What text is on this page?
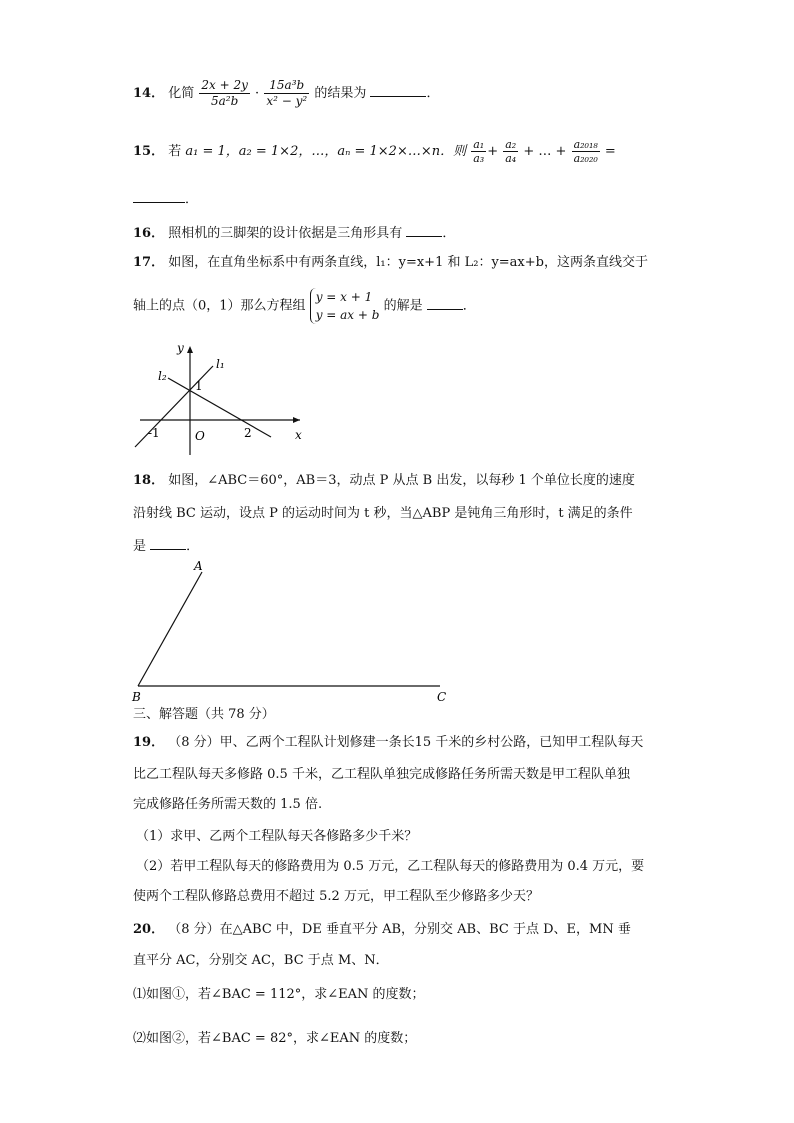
14． 化简 $\frac{2x + 2y}{\text{5a²b}} \cdot \frac{\text{15a³b}}{\text{x² − y²}}$ 的结果为	．
15． 若 a₁ = 1，a₂ = 1×2，…，aₙ = 1×2×…×n．则 $\frac{\text{a₁}}{\text{a₃}} + \frac{\text{a₂}}{\text{a₄}}$ + … + $\frac{\text{a₂₀₁₈}}{\text{a₂₀₂₀}}$ =
．
16． 照相机的三脚架的设计依据是三角形具有	．
17． 如图，在直角坐标系中有两条直线，l₁：y=x+1 和 L₂：y=ax+b，这两条直线交于
轴上的点（0，1）那么方程组
y = x + 1
y = ax + b
的解是	．
y
x
l₁
l₂
1
-1	O	2
18． 如图，∠ABC＝60°，AB＝3，动点 P 从点 B 出发，以每秒 1 个单位长度的速度
沿射线 BC 运动，设点 P 的运动时间为 t 秒，当△ABP 是钝角三角形时，t 满足的条件
是	．
A
B	C
三、解答题（共 78 分）
19． （8 分）甲、乙两个工程队计划修建一条长15 千米的乡村公路，已知甲工程队每天
比乙工程队每天多修路 0.5 千米，乙工程队单独完成修路任务所需天数是甲工程队单独
完成修路任务所需天数的 1.5 倍.
（1）求甲、乙两个工程队每天各修路多少千米？
（2）若甲工程队每天的修路费用为 0.5 万元，乙工程队每天的修路费用为 0.4 万元，要
使两个工程队修路总费用不超过 5.2 万元，甲工程队至少修路多少天？
20． （8 分）在△ABC 中，DE 垂直平分 AB，分别交 AB、BC 于点 D、E，MN 垂
直平分 AC，分别交 AC，BC 于点 M、N．
⑴如图①，若∠BAC = 112°，求∠EAN 的度数；
⑵如图②，若∠BAC = 82°，求∠EAN 的度数；
